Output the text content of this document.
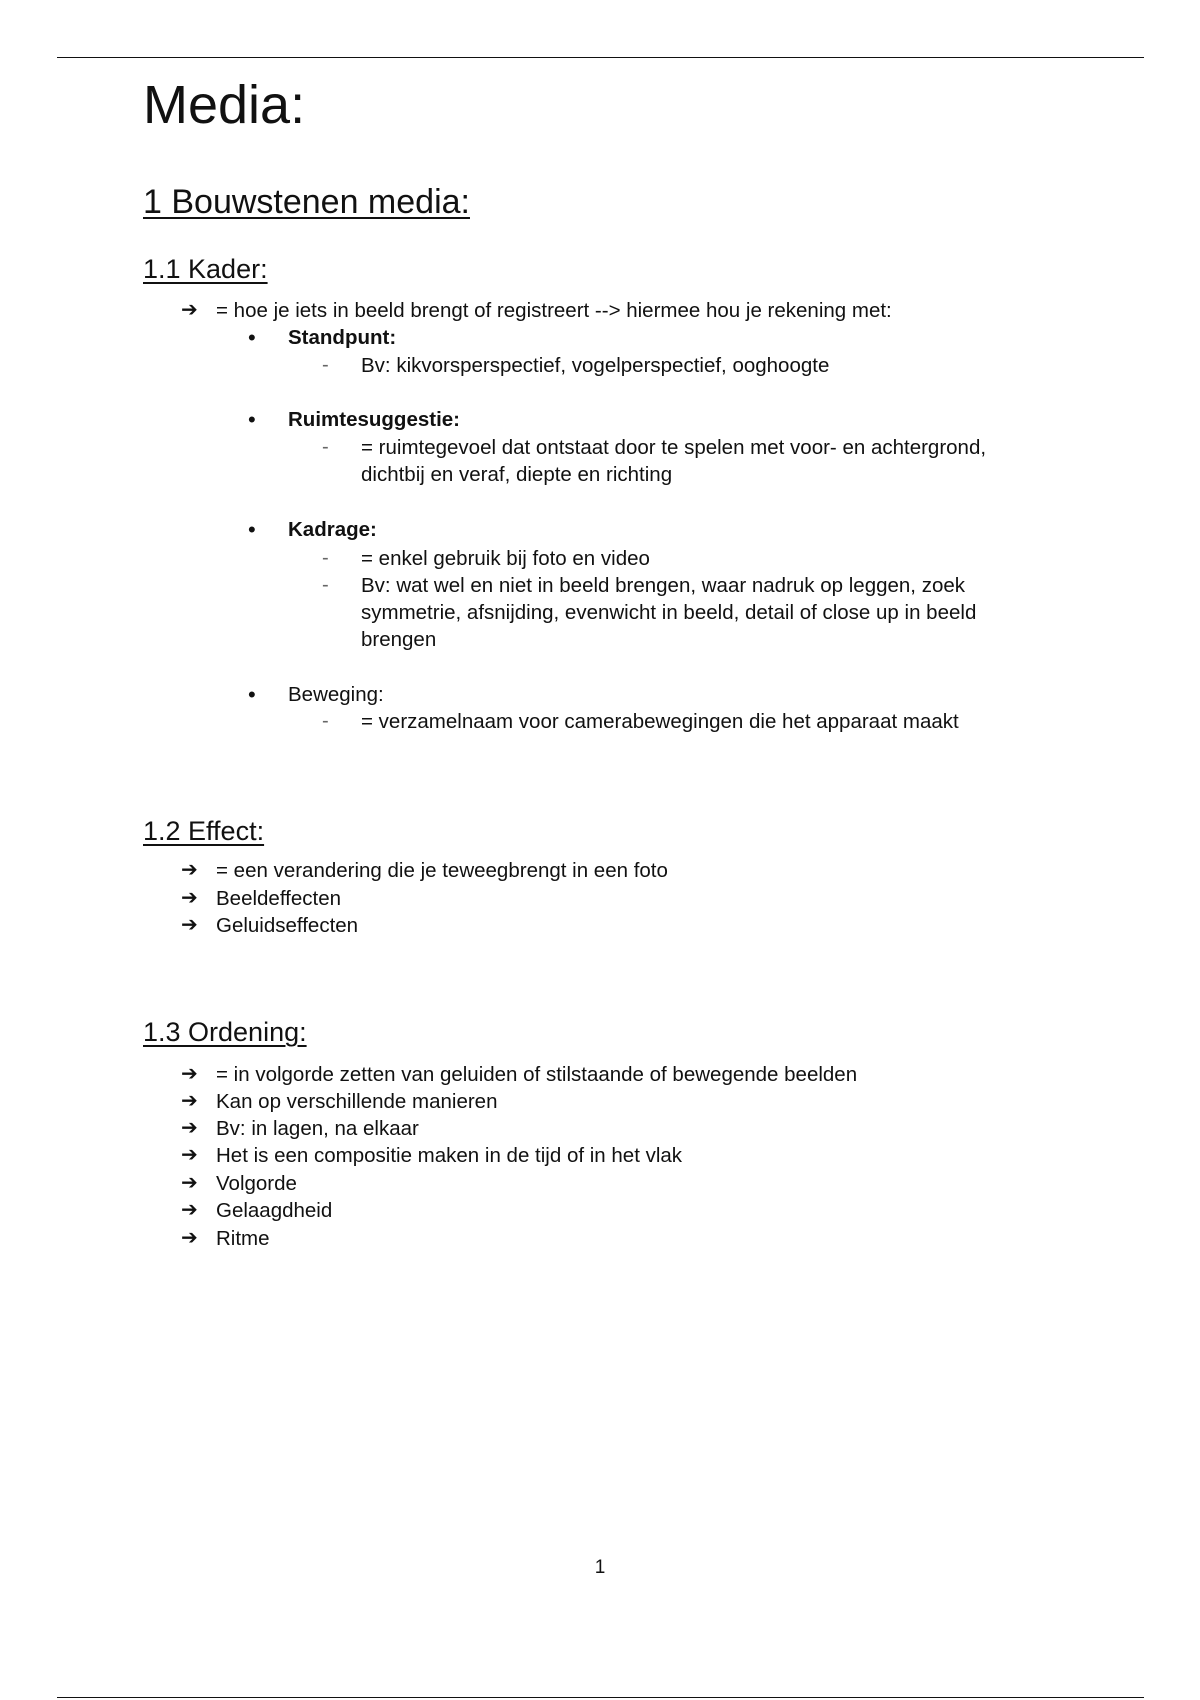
Media:
1 Bouwstenen media:
1.1 Kader:
➔ = hoe je iets in beeld brengt of registreert --> hiermee hou je rekening met:
• Standpunt:
- Bv: kikvorsperspectief, vogelperspectief, ooghoogte
• Ruimtesuggestie:
- = ruimtegevoel dat ontstaat door te spelen met voor- en achtergrond, dichtbij en veraf, diepte en richting
• Kadrage:
- = enkel gebruik bij foto en video
- Bv: wat wel en niet in beeld brengen, waar nadruk op leggen, zoek symmetrie, afsnijding, evenwicht in beeld, detail of close up in beeld brengen
• Beweging:
- = verzamelnaam voor camerabewegingen die het apparaat maakt
1.2 Effect:
➔ = een verandering die je teweegbrengt in een foto
➔ Beeldeffecten
➔ Geluidseffecten
1.3 Ordening:
➔ = in volgorde zetten van geluiden of stilstaande of bewegende beelden
➔ Kan op verschillende manieren
➔ Bv: in lagen, na elkaar
➔ Het is een compositie maken in de tijd of in het vlak
➔ Volgorde
➔ Gelaagdheid
➔ Ritme
1
